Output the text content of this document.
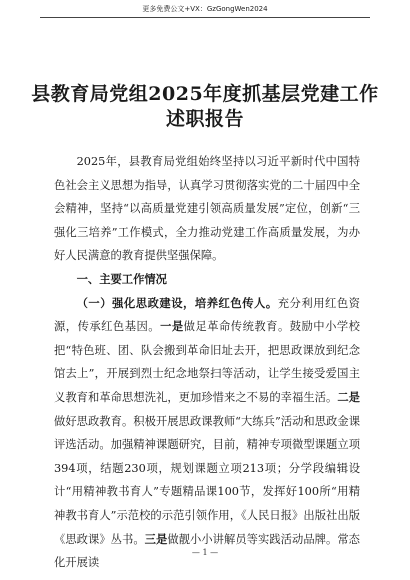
更多免费公文+VX：GzGongWen2024
县教育局党组2025年度抓基层党建工作
述职报告

2025年，县教育局党组始终坚持以习近平新时代中国特色社会主义思想为指导，认真学习贯彻落实党的二十届四中全会精神，坚持“以高质量党建引领高质量发展”定位，创新“三强化三培养”工作模式，全力推动党建工作高质量发展，为办好人民满意的教育提供坚强保障。

一、主要工作情况

（一）强化思政建设，培养红色传人。充分利用红色资源，传承红色基因。一是做足革命传统教育。鼓励中小学校把“特色班、团、队会搬到革命旧址去开，把思政课放到纪念馆去上”，开展到烈士纪念地祭扫等活动，让学生接受爱国主义教育和革命思想洗礼，更加珍惜来之不易的幸福生活。二是做好思政教育。积极开展思政课教师“大练兵”活动和思政金课评选活动。加强精神课题研究，目前，精神专项微型课题立项394项，结题230项，规划课题立项213项；分学段编辑设计“用精神教书育人”专题精品课100节，发挥好100所“用精神教书育人”示范校的示范引领作用，《人民日报》出版社出版《思政课》丛书。三是做靓小小讲解员等实践活动品牌。常态化开展读

— 1 —
